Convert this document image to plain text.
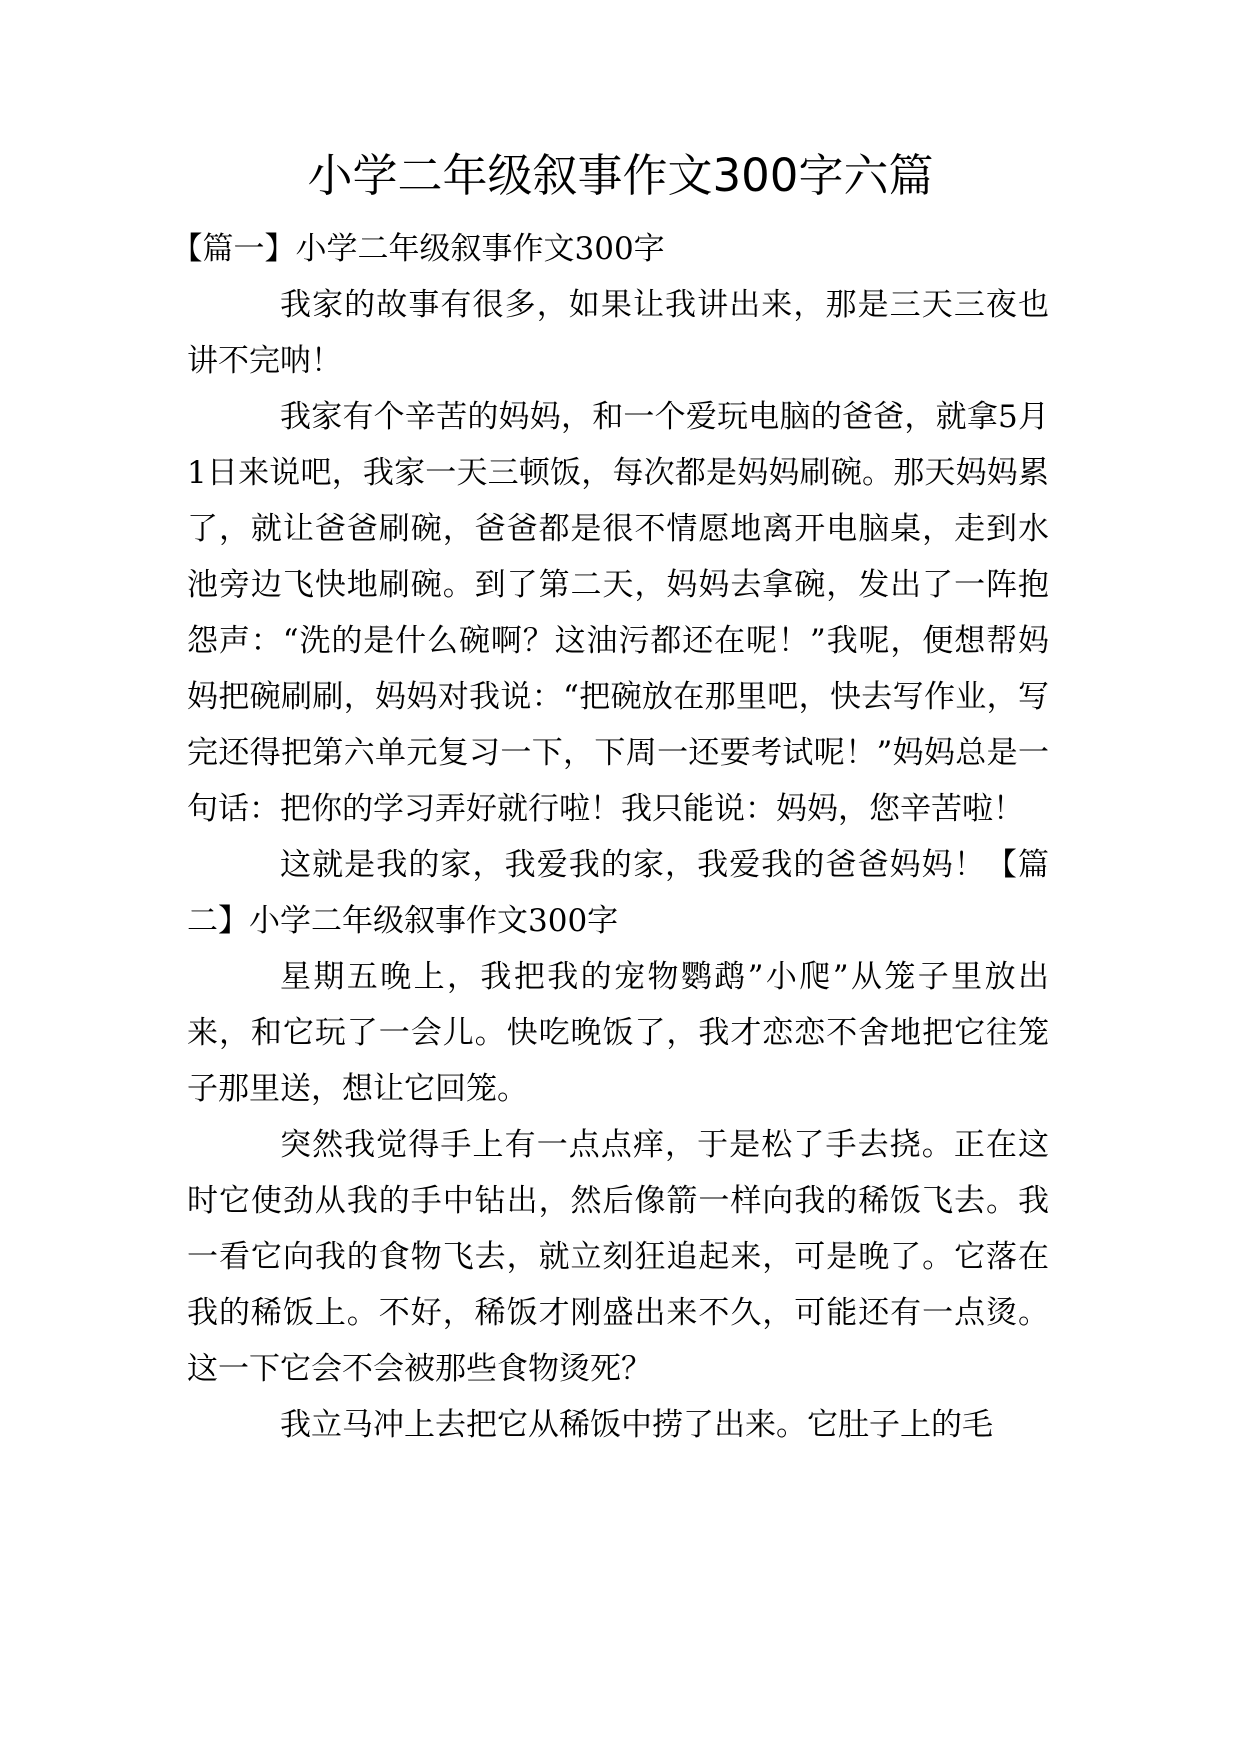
小学二年级叙事作文300字六篇

【篇一】小学二年级叙事作文300字

我家的故事有很多，如果让我讲出来，那是三天三夜也讲不完呐！

我家有个辛苦的妈妈，和一个爱玩电脑的爸爸，就拿5月1日来说吧，我家一天三顿饭，每次都是妈妈刷碗。那天妈妈累了，就让爸爸刷碗，爸爸都是很不情愿地离开电脑桌，走到水池旁边飞快地刷碗。到了第二天，妈妈去拿碗，发出了一阵抱怨声：“洗的是什么碗啊？这油污都还在呢！”我呢，便想帮妈妈把碗刷刷，妈妈对我说：“把碗放在那里吧，快去写作业，写完还得把第六单元复习一下，下周一还要考试呢！”妈妈总是一句话：把你的学习弄好就行啦！我只能说：妈妈，您辛苦啦！

这就是我的家，我爱我的家，我爱我的爸爸妈妈！【篇二】小学二年级叙事作文300字

星期五晚上，我把我的宠物鹦鹉”小爬”从笼子里放出来，和它玩了一会儿。快吃晚饭了，我才恋恋不舍地把它往笼子那里送，想让它回笼。

突然我觉得手上有一点点痒，于是松了手去挠。正在这时它使劲从我的手中钻出，然后像箭一样向我的稀饭飞去。我一看它向我的食物飞去，就立刻狂追起来，可是晚了。它落在我的稀饭上。不好，稀饭才刚盛出来不久，可能还有一点烫。这一下它会不会被那些食物烫死？

我立马冲上去把它从稀饭中捞了出来。它肚子上的毛
